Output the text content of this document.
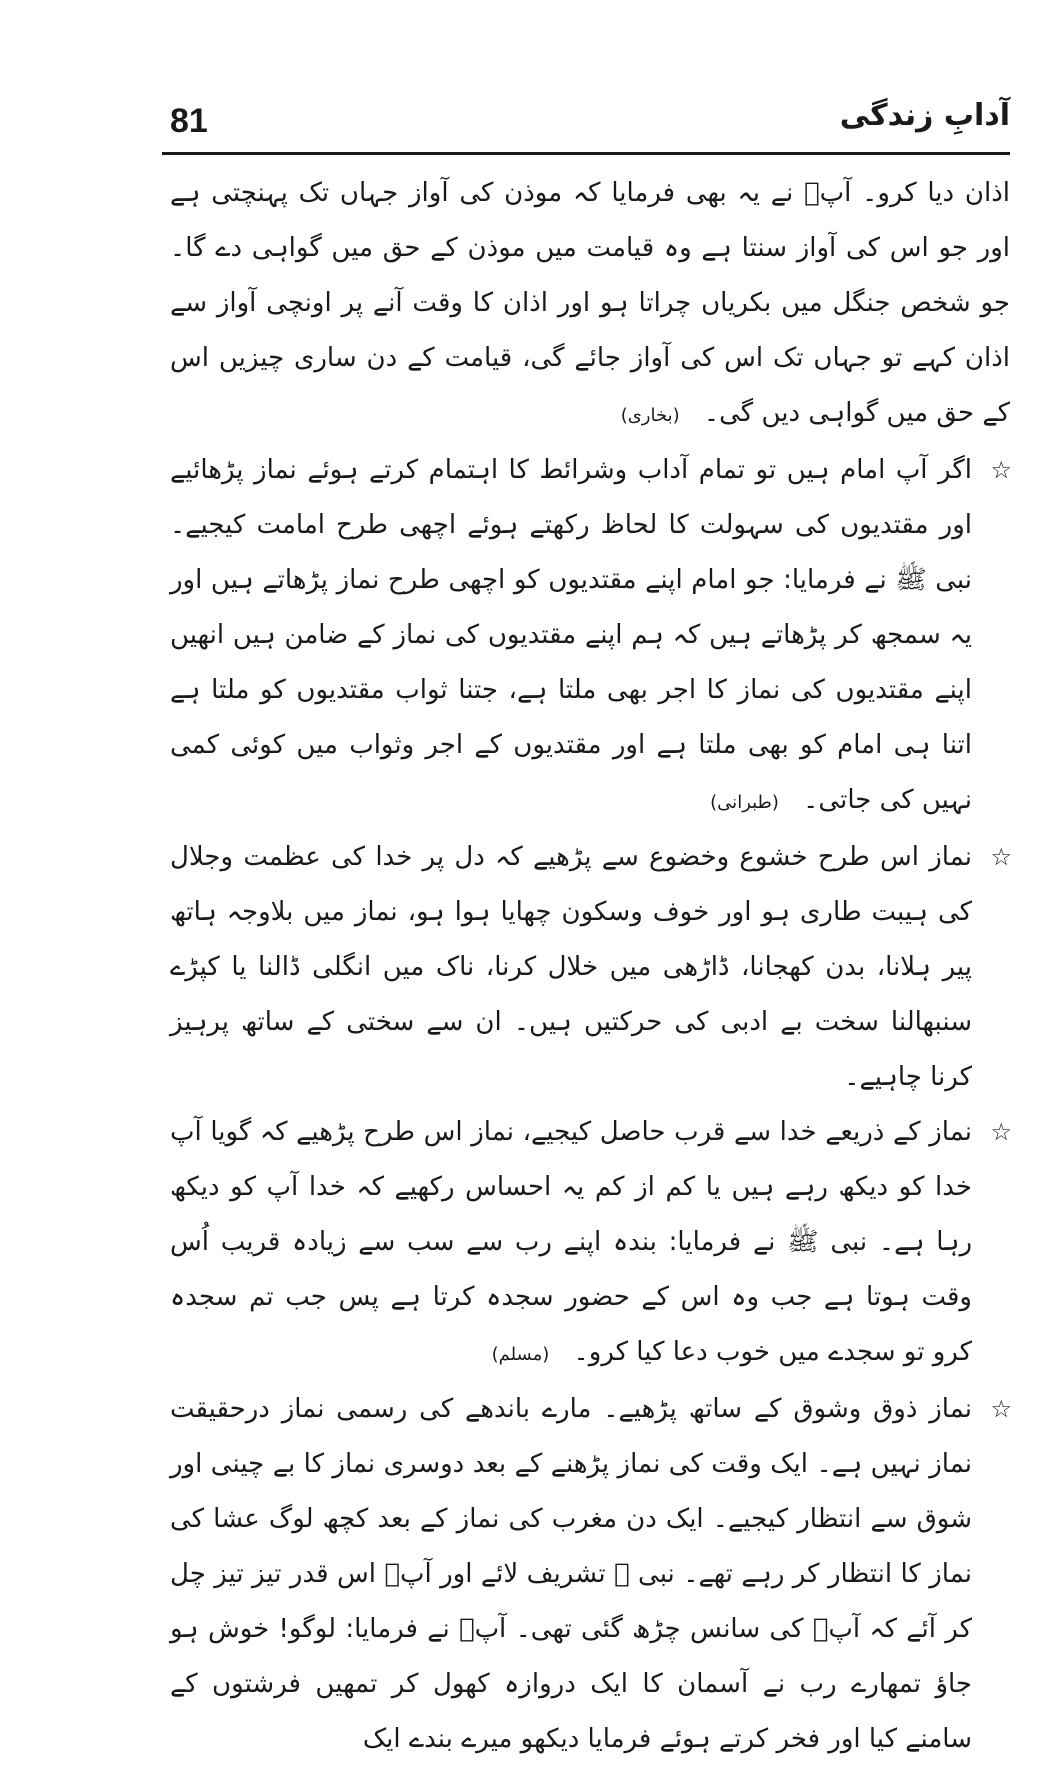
81	آدابِ زندگی

اذان دیا کرو۔ آپؐ نے یہ بھی فرمایا کہ موذن کی آواز جہاں تک پہنچتی ہے اور جو اس کی آواز سنتا ہے وہ قیامت میں موذن کے حق میں گواہی دے گا۔ جو شخص جنگل میں بکریاں چراتا ہو اور اذان کا وقت آنے پر اونچی آواز سے اذان کہے تو جہاں تک اس کی آواز جائے گی، قیامت کے دن ساری چیزیں اس کے حق میں گواہی دیں گی۔ (بخاری)

☆
اگر آپ امام ہیں تو تمام آداب وشرائط کا اہتمام کرتے ہوئے نماز پڑھائیے اور مقتدیوں کی سہولت کا لحاظ رکھتے ہوئے اچھی طرح امامت کیجیے۔ نبی ﷺ نے فرمایا: جو امام اپنے مقتدیوں کو اچھی طرح نماز پڑھاتے ہیں اور یہ سمجھ کر پڑھاتے ہیں کہ ہم اپنے مقتدیوں کی نماز کے ضامن ہیں انھیں اپنے مقتدیوں کی نماز کا اجر بھی ملتا ہے، جتنا ثواب مقتدیوں کو ملتا ہے اتنا ہی امام کو بھی ملتا ہے اور مقتدیوں کے اجر وثواب میں کوئی کمی نہیں کی جاتی۔ (طبرانی)

☆
نماز اس طرح خشوع وخضوع سے پڑھیے کہ دل پر خدا کی عظمت وجلال کی ہیبت طاری ہو اور خوف وسکون چھایا ہوا ہو، نماز میں بلاوجہ ہاتھ پیر ہلانا، بدن کھجانا، ڈاڑھی میں خلال کرنا، ناک میں انگلی ڈالنا یا کپڑے سنبھالنا سخت بے ادبی کی حرکتیں ہیں۔ ان سے سختی کے ساتھ پرہیز کرنا چاہیے۔

☆
نماز کے ذریعے خدا سے قرب حاصل کیجیے، نماز اس طرح پڑھیے کہ گویا آپ خدا کو دیکھ رہے ہیں یا کم از کم یہ احساس رکھیے کہ خدا آپ کو دیکھ رہا ہے۔ نبی ﷺ نے فرمایا: بندہ اپنے رب سے سب سے زیادہ قریب اُس وقت ہوتا ہے جب وہ اس کے حضور سجدہ کرتا ہے پس جب تم سجدہ کرو تو سجدے میں خوب دعا کیا کرو۔ (مسلم)

☆
نماز ذوق وشوق کے ساتھ پڑھیے۔ مارے باندھے کی رسمی نماز درحقیقت نماز نہیں ہے۔ ایک وقت کی نماز پڑھنے کے بعد دوسری نماز کا بے چینی اور شوق سے انتظار کیجیے۔ ایک دن مغرب کی نماز کے بعد کچھ لوگ عشا کی نماز کا انتظار کر رہے تھے۔ نبی ﷺ تشریف لائے اور آپؐ اس قدر تیز تیز چل کر آئے کہ آپؐ کی سانس چڑھ گئی تھی۔ آپؐ نے فرمایا: لوگو! خوش ہو جاؤ تمھارے رب نے آسمان کا ایک دروازہ کھول کر تمھیں فرشتوں کے سامنے کیا اور فخر کرتے ہوئے فرمایا دیکھو میرے بندے ایک
